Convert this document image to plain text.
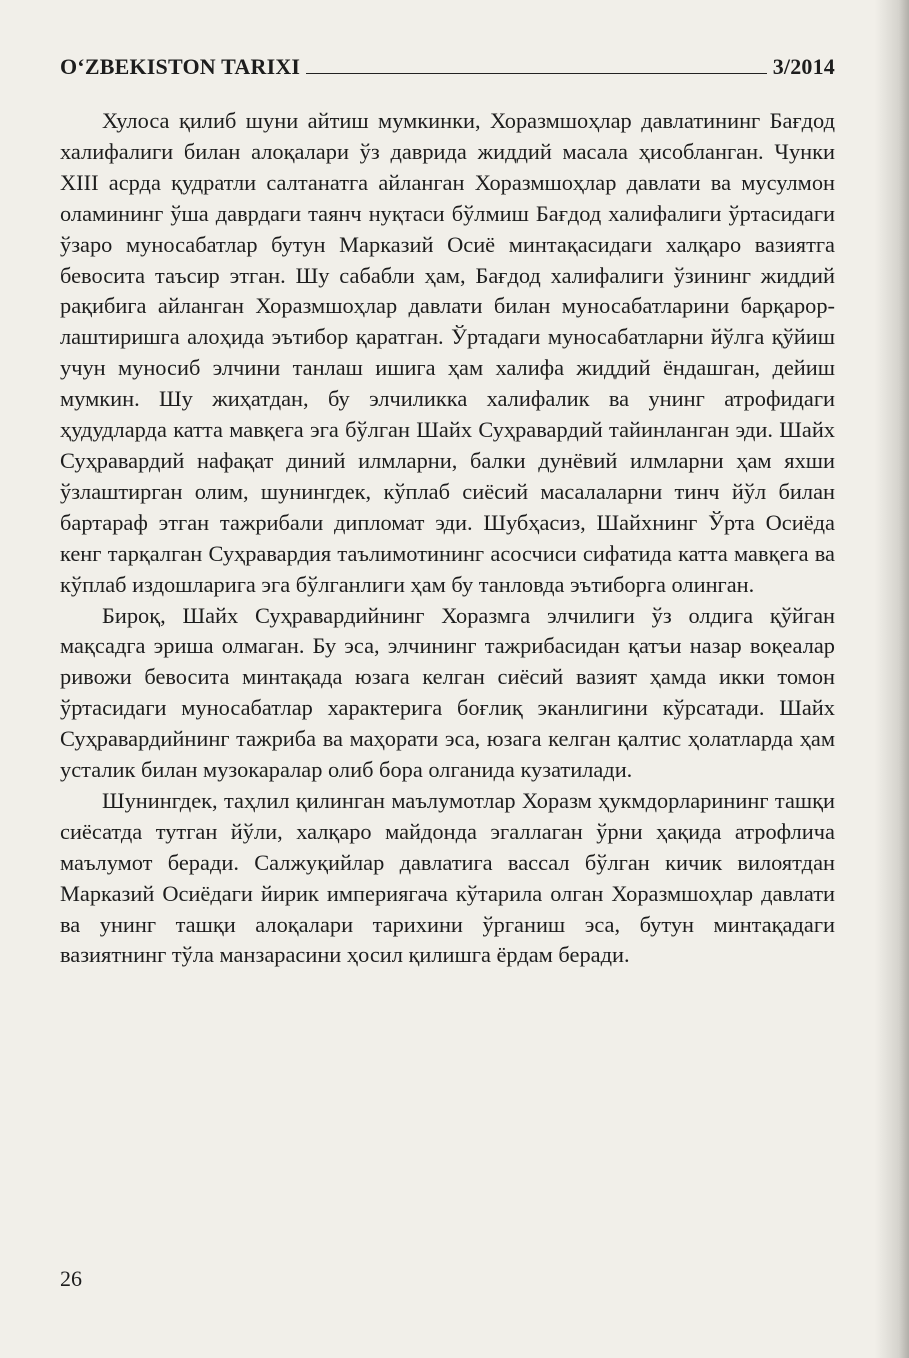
O‘ZBEKISTON TARIXI	3/2014

Хулоса қилиб шуни айтиш мумкинки, Хоразмшоҳлар давлатининг Бағдод халифалиги билан алоқалари ўз даврида жиддий масала ҳисобланган. Чунки XIII асрда қудратли салтанатга айланган Хоразмшоҳлар давлати ва мусулмон оламининг ўша даврдаги таянч нуқтаси бўлмиш Бағдод халифалиги ўртасидаги ўзаро муносабатлар бутун Марказий Осиё минтақасидаги халқаро вазиятга бевосита таъсир этган. Шу сабабли ҳам, Бағдод халифалиги ўзининг жиддий рақибига айланган Хоразмшоҳлар давлати билан муносабатларини барқарорлаштиришга алоҳида эътибор қаратган. Ўртадаги муносабатларни йўлга қўйиш учун муносиб элчини танлаш ишига ҳам халифа жиддий ёндашган, дейиш мумкин. Шу жиҳатдан, бу элчиликка халифалик ва унинг атрофидаги ҳудудларда катта мавқега эга бўлган Шайх Суҳравардий тайинланган эди. Шайх Суҳравардий нафақат диний илмларни, балки дунёвий илмларни ҳам яхши ўзлаштирган олим, шунингдек, кўплаб сиёсий масалаларни тинч йўл билан бартараф этган тажрибали дипломат эди. Шубҳасиз, Шайхнинг Ўрта Осиёда кенг тарқалган Суҳравардия таълимотининг асосчиси сифатида катта мавқега ва кўплаб издошларига эга бўлганлиги ҳам бу танловда эътиборга олинган.

Бироқ, Шайх Суҳравардийнинг Хоразмга элчилиги ўз олдига қўйган мақсадга эриша олмаган. Бу эса, элчининг тажрибасидан қатъи назар воқеалар ривожи бевосита минтақада юзага келган сиёсий вазият ҳамда икки томон ўртасидаги муносабатлар характерига боғлиқ эканлигини кўрсатади. Шайх Суҳравардийнинг тажриба ва маҳорати эса, юзага келган қалтис ҳолатларда ҳам усталик билан музокаралар олиб бора олганида кузатилади.

Шунингдек, таҳлил қилинган маълумотлар Хоразм ҳукмдорларининг ташқи сиёсатда тутган йўли, халқаро майдонда эгаллаган ўрни ҳақида атрофлича маълумот беради. Салжуқийлар давлатига вассал бўлган кичик вилоятдан Марказий Осиёдаги йирик империягача кўтарила олган Хоразмшоҳлар давлати ва унинг ташқи алоқалари тарихини ўрганиш эса, бутун минтақадаги вазиятнинг тўла манзарасини ҳосил қилишга ёрдам беради.

26
